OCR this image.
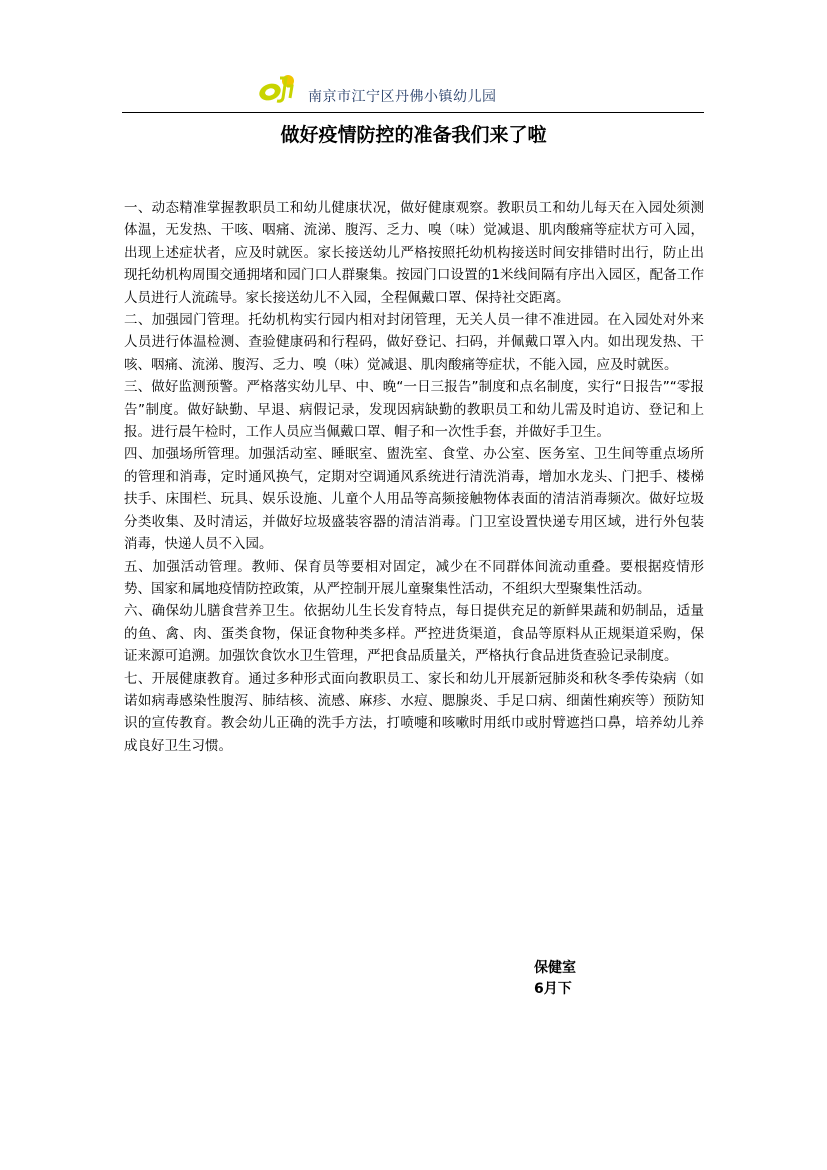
南京市江宁区丹佛小镇幼儿园
做好疫情防控的准备我们来了啦

一、动态精准掌握教职员工和幼儿健康状况，做好健康观察。教职员工和幼儿每天在入园处须测体温，无发热、干咳、咽痛、流涕、腹泻、乏力、嗅（味）觉减退、肌肉酸痛等症状方可入园，出现上述症状者，应及时就医。家长接送幼儿严格按照托幼机构接送时间安排错时出行，防止出现托幼机构周围交通拥堵和园门口人群聚集。按园门口设置的1米线间隔有序出入园区，配备工作人员进行人流疏导。家长接送幼儿不入园，全程佩戴口罩、保持社交距离。

二、加强园门管理。托幼机构实行园内相对封闭管理，无关人员一律不准进园。在入园处对外来人员进行体温检测、查验健康码和行程码，做好登记、扫码，并佩戴口罩入内。如出现发热、干咳、咽痛、流涕、腹泻、乏力、嗅（味）觉减退、肌肉酸痛等症状，不能入园，应及时就医。

三、做好监测预警。严格落实幼儿早、中、晚“一日三报告”制度和点名制度，实行“日报告”“零报告”制度。做好缺勤、早退、病假记录，发现因病缺勤的教职员工和幼儿需及时追访、登记和上报。进行晨午检时，工作人员应当佩戴口罩、帽子和一次性手套，并做好手卫生。

四、加强场所管理。加强活动室、睡眠室、盥洗室、食堂、办公室、医务室、卫生间等重点场所的管理和消毒，定时通风换气，定期对空调通风系统进行清洗消毒，增加水龙头、门把手、楼梯扶手、床围栏、玩具、娱乐设施、儿童个人用品等高频接触物体表面的清洁消毒频次。做好垃圾分类收集、及时清运，并做好垃圾盛装容器的清洁消毒。门卫室设置快递专用区域，进行外包装消毒，快递人员不入园。

五、加强活动管理。教师、保育员等要相对固定，减少在不同群体间流动重叠。要根据疫情形势、国家和属地疫情防控政策，从严控制开展儿童聚集性活动，不组织大型聚集性活动。

六、确保幼儿膳食营养卫生。依据幼儿生长发育特点，每日提供充足的新鲜果蔬和奶制品，适量的鱼、禽、肉、蛋类食物，保证食物种类多样。严控进货渠道，食品等原料从正规渠道采购，保证来源可追溯。加强饮食饮水卫生管理，严把食品质量关，严格执行食品进货查验记录制度。

七、开展健康教育。通过多种形式面向教职员工、家长和幼儿开展新冠肺炎和秋冬季传染病（如诺如病毒感染性腹泻、肺结核、流感、麻疹、水痘、腮腺炎、手足口病、细菌性痢疾等）预防知识的宣传教育。教会幼儿正确的洗手方法，打喷嚏和咳嗽时用纸巾或肘臂遮挡口鼻，培养幼儿养成良好卫生习惯。

保健室
6月下
